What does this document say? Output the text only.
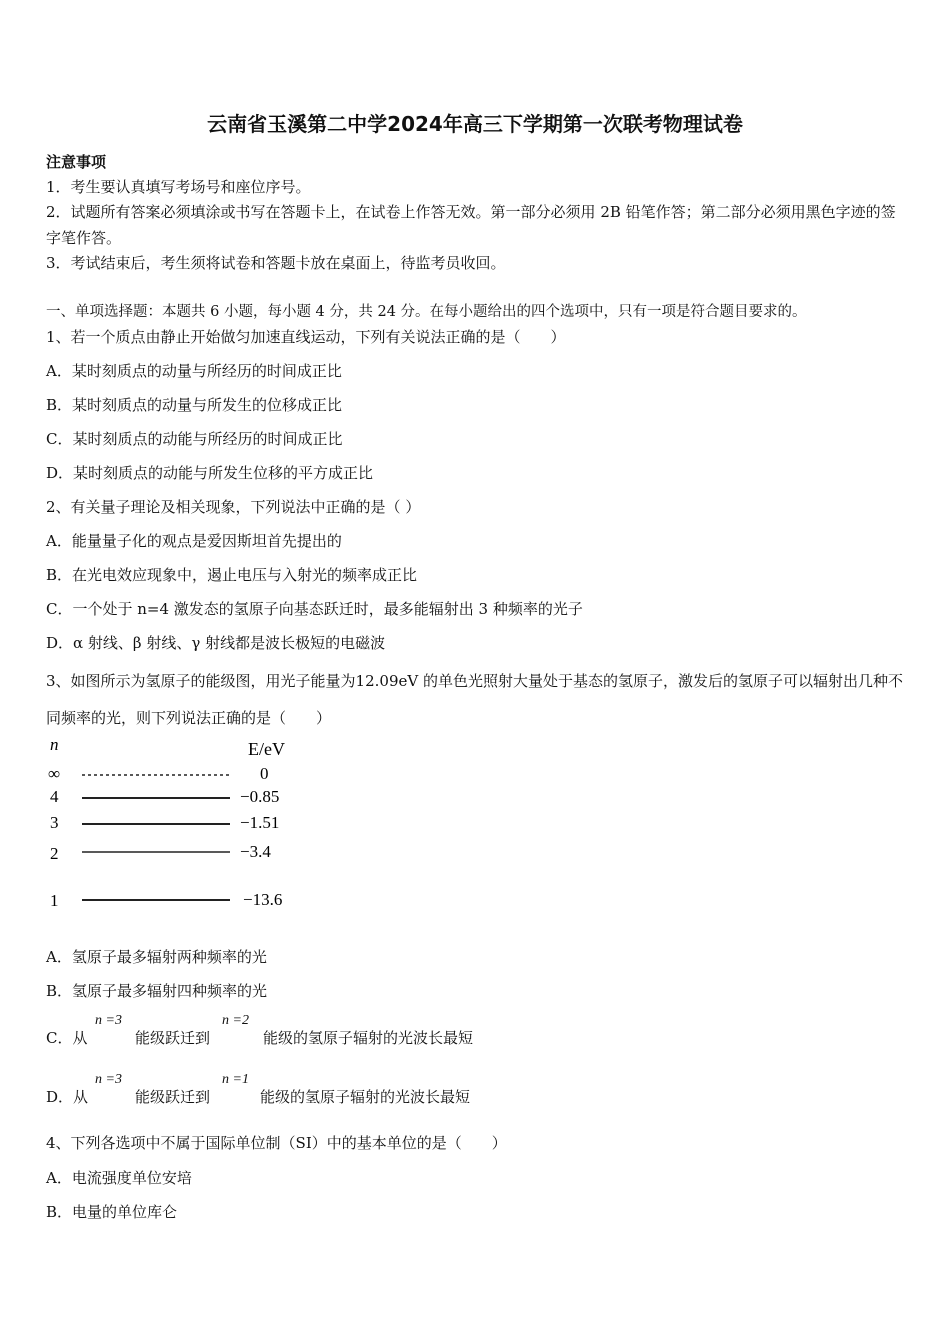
云南省玉溪第二中学2024年高三下学期第一次联考物理试卷
注意事项
1．考生要认真填写考场号和座位序号。
2．试题所有答案必须填涂或书写在答题卡上，在试卷上作答无效。第一部分必须用 2B 铅笔作答；第二部分必须用黑色字迹的签字笔作答。
3．考试结束后，考生须将试卷和答题卡放在桌面上，待监考员收回。
一、单项选择题：本题共 6 小题，每小题 4 分，共 24 分。在每小题给出的四个选项中，只有一项是符合题目要求的。
1、若一个质点由静止开始做匀加速直线运动，下列有关说法正确的是（　　）
A．某时刻质点的动量与所经历的时间成正比
B．某时刻质点的动量与所发生的位移成正比
C．某时刻质点的动能与所经历的时间成正比
D．某时刻质点的动能与所发生位移的平方成正比
2、有关量子理论及相关现象，下列说法中正确的是（ ）
A．能量量子化的观点是爱因斯坦首先提出的
B．在光电效应现象中，遏止电压与入射光的频率成正比
C．一个处于 n=4 激发态的氢原子向基态跃迁时，最多能辐射出 3 种频率的光子
D．α 射线、β 射线、γ 射线都是波长极短的电磁波
3、如图所示为氢原子的能级图，用光子能量为12.09eV 的单色光照射大量处于基态的氢原子，激发后的氢原子可以辐射出几种不同频率的光，则下列说法正确的是（　　）
n	E/eV
∞	0
4	−0.85
3	−1.51
2	−3.4
1	−13.6
A．氢原子最多辐射两种频率的光
B．氢原子最多辐射四种频率的光
C．从
n =3
能级跃迁到
n =2
能级的氢原子辐射的光波长最短
D．从
n =3
能级跃迁到
n =1
能级的氢原子辐射的光波长最短
4、下列各选项中不属于国际单位制（SI）中的基本单位的是（　　）
A．电流强度单位安培
B．电量的单位库仑
